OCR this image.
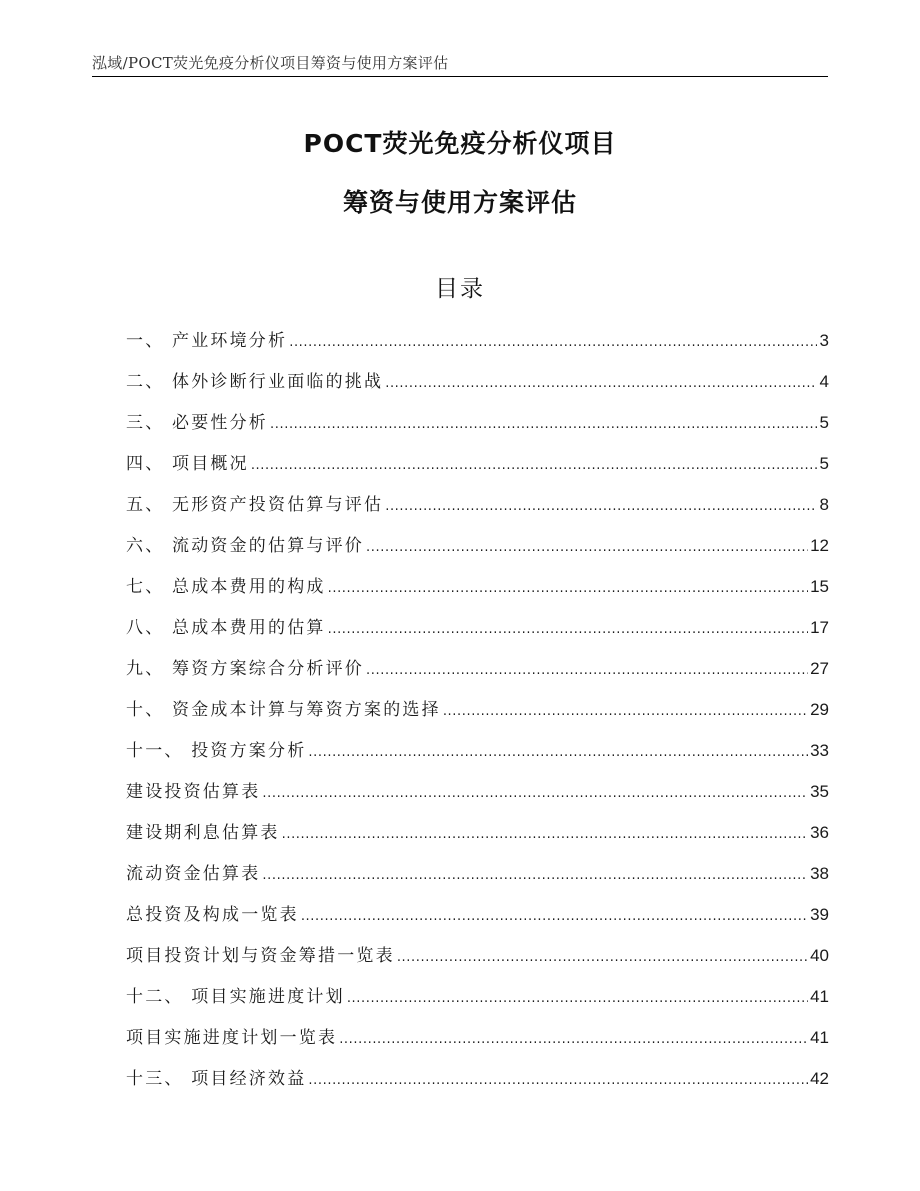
泓域/POCT荧光免疫分析仪项目筹资与使用方案评估
POCT荧光免疫分析仪项目
筹资与使用方案评估
目录
一、 产业环境分析 .....	3
二、 体外诊断行业面临的挑战 .....	4
三、 必要性分析 .....	5
四、 项目概况 .....	5
五、 无形资产投资估算与评估 .....	8
六、 流动资金的估算与评价 .....	12
七、 总成本费用的构成 .....	15
八、 总成本费用的估算 .....	17
九、 筹资方案综合分析评价 .....	27
十、 资金成本计算与筹资方案的选择 .....	29
十一、 投资方案分析 .....	33
建设投资估算表 .....	35
建设期利息估算表 .....	36
流动资金估算表 .....	38
总投资及构成一览表 .....	39
项目投资计划与资金筹措一览表 .....	40
十二、 项目实施进度计划 .....	41
项目实施进度计划一览表 .....	41
十三、 项目经济效益 .....	42
